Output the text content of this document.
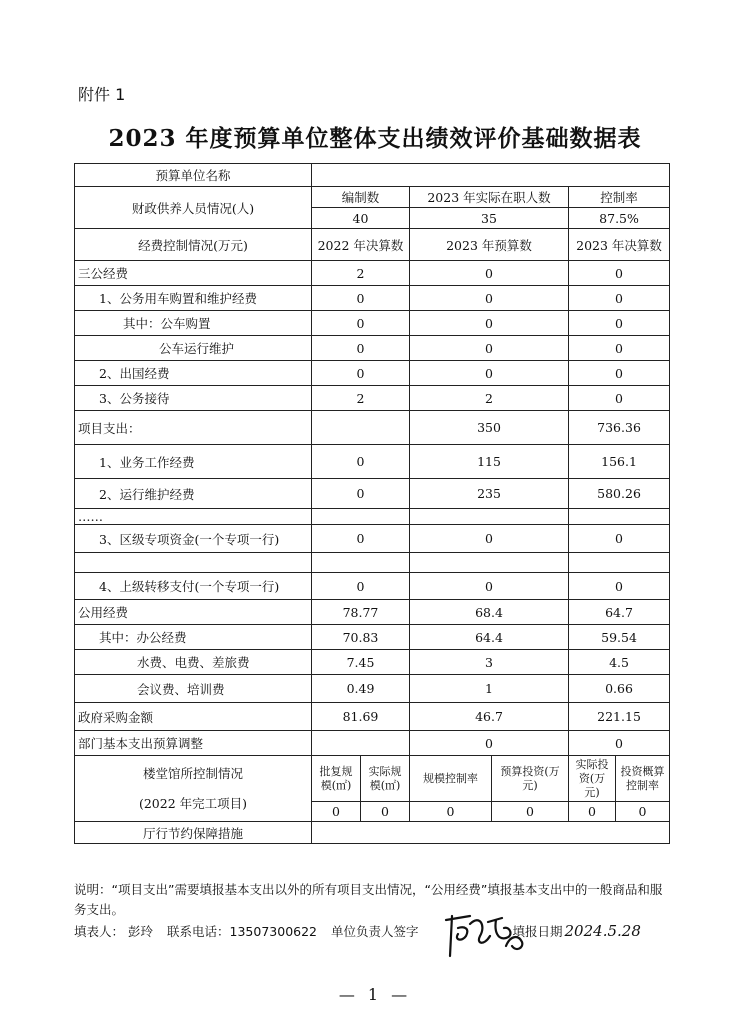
附件 1
2023 年度预算单位整体支出绩效评价基础数据表
预算单位名称						
财政供养人员情况(人)	编制数		2023 年实际在职人数		控制率	
	40		35		87.5%	
经费控制情况(万元)	2022 年决算数		2023 年预算数		2023 年决算数	
三公经费	2		0		0	
1、公务用车购置和维护经费	0		0		0	
其中：公车购置	0		0		0	
公车运行维护	0		0		0	
2、出国经费	0		0		0	
3、公务接待	2		2		0	
项目支出：			350		736.36	
1、业务工作经费	0		115		156.1	
2、运行维护经费	0		235		580.26	
……						
3、区级专项资金(一个专项一行)	0		0		0	

4、上级转移支付(一个专项一行)	0		0		0	
公用经费	78.77		68.4		64.7	
其中：办公经费	70.83		64.4		59.54	
水费、电费、差旅费	7.45		3		4.5	
会议费、培训费	0.49		1		0.66	
政府采购金额	81.69		46.7		221.15	
部门基本支出预算调整			0		0	

楼堂馆所控制情况
(2022 年完工项目)	批复规模(㎡)	实际规模(㎡)	规模控制率	预算投资(万元)	实际投资(万元)	投资概算控制率
	0	0	0	0	0	0
厅行节约保障措施						
说明：“项目支出”需要填报基本支出以外的所有项目支出情况，“公用经费”填报基本支出中的一般商品和服务支出。
填表人： 彭玲 联系电话：13507300622 单位负责人签字	填报日期 2024.5.28
— 1 —
